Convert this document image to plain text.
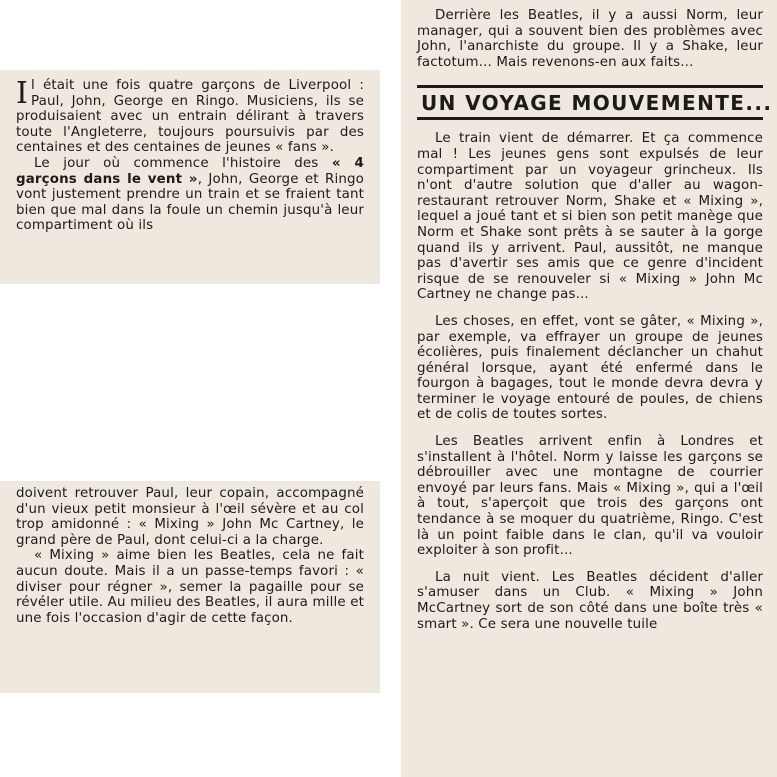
Il était une fois quatre garçons de Liverpool : Paul, John, George en Ringo. Musiciens, ils se produisaient avec un entrain délirant à travers toute l'Angleterre, toujours poursuivis par des centaines et des centaines de jeunes « fans ».

Le jour où commence l'histoire des « 4 garçons dans le vent », John, George et Ringo vont justement prendre un train et se fraient tant bien que mal dans la foule un chemin jusqu'à leur compartiment où ils

doivent retrouver Paul, leur copain, accompagné d'un vieux petit monsieur à l'œil sévère et au col trop amidonné : « Mixing » John Mc Cartney, le grand père de Paul, dont celui-ci a la charge.

« Mixing » aime bien les Beatles, cela ne fait aucun doute. Mais il a un passe-temps favori : « diviser pour régner », semer la pagaille pour se révéler utile. Au milieu des Beatles, il aura mille et une fois l'occasion d'agir de cette façon.

Derrière les Beatles, il y a aussi Norm, leur manager, qui a souvent bien des problèmes avec John, l'anarchiste du groupe. Il y a Shake, leur factotum... Mais revenons-en aux faits...

UN VOYAGE MOUVEMENTE...

Le train vient de démarrer. Et ça commence mal ! Les jeunes gens sont expulsés de leur compartiment par un voyageur grincheux. Ils n'ont d'autre solution que d'aller au wagon-restaurant retrouver Norm, Shake et « Mixing », lequel a joué tant et si bien son petit manège que Norm et Shake sont prêts à se sauter à la gorge quand ils y arrivent. Paul, aussitôt, ne manque pas d'avertir ses amis que ce genre d'incident risque de se renouveler si « Mixing » John Mc Cartney ne change pas...

Les choses, en effet, vont se gâter, « Mixing », par exemple, va effrayer un groupe de jeunes écolières, puis finalement déclancher un chahut général lorsque, ayant été enfermé dans le fourgon à bagages, tout le monde devra devra y terminer le voyage entouré de poules, de chiens et de colis de toutes sortes.

Les Beatles arrivent enfin à Londres et s'installent à l'hôtel. Norm y laisse les garçons se débrouiller avec une montagne de courrier envoyé par leurs fans. Mais « Mixing », qui a l'œil à tout, s'aperçoit que trois des garçons ont tendance à se moquer du quatrième, Ringo. C'est là un point faible dans le clan, qu'il va vouloir exploiter à son profit...

La nuit vient. Les Beatles décident d'aller s'amuser dans un Club. « Mixing » John McCartney sort de son côté dans une boîte très « smart ». Ce sera une nouvelle tuile
